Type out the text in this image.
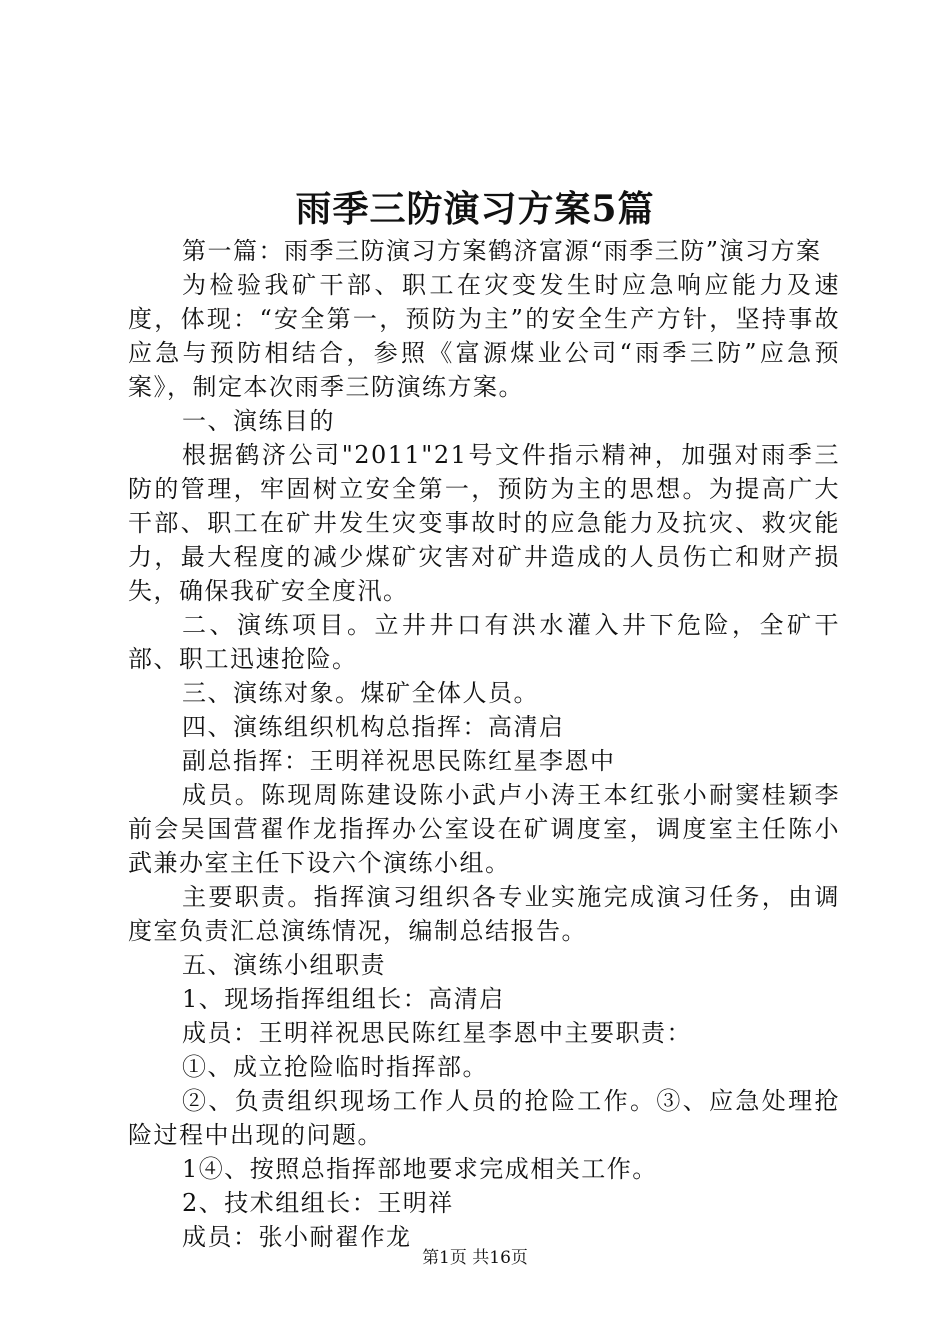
雨季三防演习方案5篇

第一篇：雨季三防演习方案鹤济富源“雨季三防”演习方案

为检验我矿干部、职工在灾变发生时应急响应能力及速度，体现：“安全第一，预防为主”的安全生产方针，坚持事故应急与预防相结合，参照《富源煤业公司“雨季三防”应急预案》，制定本次雨季三防演练方案。

一、演练目的

根据鹤济公司"2011"21号文件指示精神，加强对雨季三防的管理，牢固树立安全第一，预防为主的思想。为提高广大干部、职工在矿井发生灾变事故时的应急能力及抗灾、救灾能力，最大程度的减少煤矿灾害对矿井造成的人员伤亡和财产损失，确保我矿安全度汛。

二、演练项目。立井井口有洪水灌入井下危险，全矿干部、职工迅速抢险。

三、演练对象。煤矿全体人员。

四、演练组织机构总指挥：高清启

副总指挥：王明祥祝思民陈红星李恩中

成员。陈现周陈建设陈小武卢小涛王本红张小耐窦桂颖李前会吴国营翟作龙指挥办公室设在矿调度室，调度室主任陈小武兼办室主任下设六个演练小组。

主要职责。指挥演习组织各专业实施完成演习任务，由调度室负责汇总演练情况，编制总结报告。

五、演练小组职责

1、现场指挥组组长：高清启

成员：王明祥祝思民陈红星李恩中主要职责：

①、成立抢险临时指挥部。

②、负责组织现场工作人员的抢险工作。③、应急处理抢险过程中出现的问题。

1④、按照总指挥部地要求完成相关工作。

2、技术组组长：王明祥

成员：张小耐翟作龙

第1页 共16页
